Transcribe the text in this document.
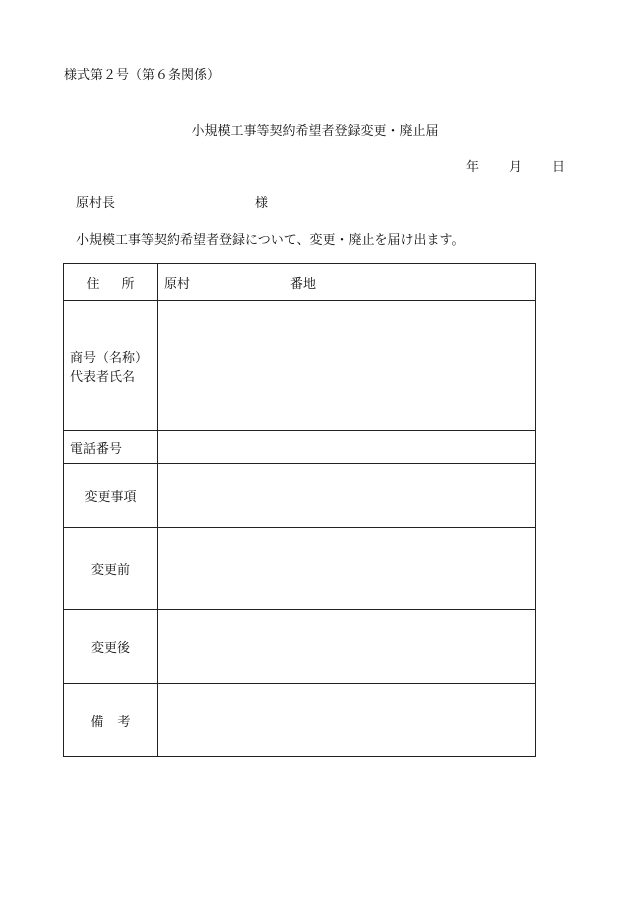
様式第２号（第６条関係）
小規模工事等契約希望者登録変更・廃止届
年 月 日
原村長	様
小規模工事等契約希望者登録について、変更・廃止を届け出ます。
住 所	原村 番地

商号（名称）
代表者氏名	

電話番号	
変更事項	
変更前	
変更後	
備 考	
